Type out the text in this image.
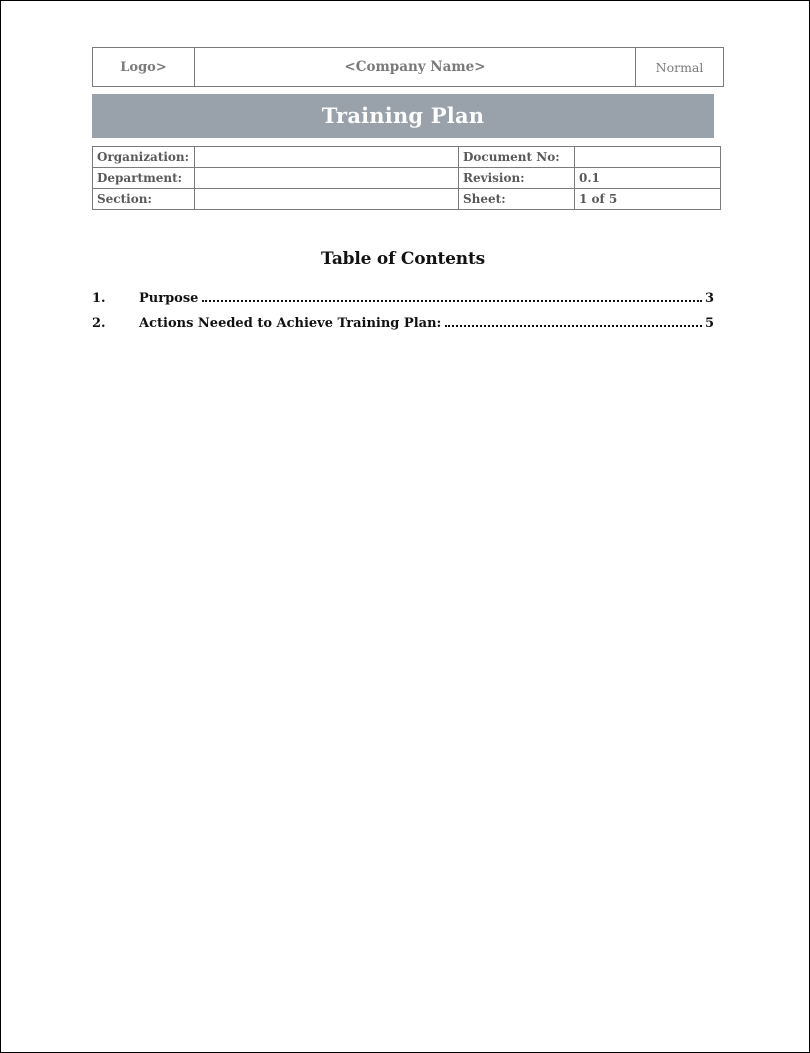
Logo>	<Company Name>	Normal
Training Plan
Organization:		Document No:	
Department:		Revision:	0.1
Section:		Sheet:	1 of 5
Table of Contents
1.	Purpose	3
2.	Actions Needed to Achieve Training Plan:	5
